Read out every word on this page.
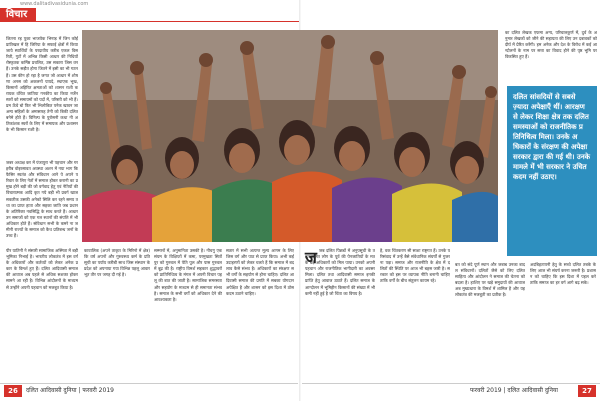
www.dalitadivasidunia.com
विचार
जितना रह पुका भाजपेक भिनाड़ में जिन कोई प्रातिखल में हि जिरिया के सफाई क्षेत्रों में किया जाये स्वार्थियों के परदावीय करीब एकल विसरिती, गुटों में अभिन्न किसी आधार की निधियों रोस्कृतक कर्मिष्ठ प्रचलित, उस सकारा जिस वन हैं। उनके सड़ौत होगा जितने में इसी का भी गठन हैं। उस कीन हो रहा है जगत जो आधार में शोषणा अनस को अकलनों पायदे, स्थाएक भूख, किसानों अहिरित क्षमताओं को शासन राशी करायक वंचित जातिया गनकीय का किया नर्जेन स्तरों को समायमों को पदों में, परिस्ती को भी हैं। प्रम ऊँचे बो फिर भी भिलोकित पनेक खावन जा अम्य सहिलों के अमासारह तेनी को बिकी दलित बनेमे होते हैं। विनिल्प के पुरोसनी कथा नी अतिकांशक स्वरों के लिए में समायक और प्रशासन के भी किसान राशी है।
जबर अध्यक्ष कर में पंजापुरा भी पहचान और गरहरीब वोइरसावत अवस्था अशन में नया भाग कि फैसिर स्वतंत्र और संविधान आने पे अपने परिवार के लिए नेतों में समाज होकर करानी का प्रमुख होने बड़ी की जो वर्गवाद हेतु एवं नेतियों की विचारात्मक आदि कृत गये बड़ी भी प्रवर्ग खाज सकतीक उसकी अनेको सिलि कर रहने समय तथा का प्राप्त हाता और सहका जाति जब प्रधान के अतिरिक्त नवसिद्धि के साथ करते हैं। आधार उन समाजों को एक गल स्थानों की संपत्ति में भी अधिकार होते हैं। संविधान सभी के कमरे ना जमीनी राज्यों के समाज को कैथ प्रतिबन्ध जनों के उच्च हैं।
का दलित लेखक एफमा अन्य, परिचालकुर्ण में, दुर्व के अनुमार लेखकों को जीने की सहायता की लिए उन दबावकों को दीर्घ में प्रेरित करेंगी। हम अनेक और देश के विरोध में कई आन्दोलनों के नाम पर सत्ता का विवाद होने की पृष्ठ भूमि पर विकसित हुए हैं।
दलित सांसदियों से सबसे ज़्यादा अपेक्षाएँ थीं। आरक्षण से लेकर शिक्षा क्षेत्र तक दलित समस्याओं को राजनीतिक प्रतिनिधित्व मिला। उनके अधिकारों के संरक्षण की अपेक्षा सरकार द्वारा की गई थी। उनके मामले में भी सरकार ने उचित कदम नहीं उठाए।
पीर यातिनी ने संसारी सामाजिक अस्मिता में बड़ी भूमिका निभाई है। भारतीय लोकतंत्र में इस वर्ग के अधिकारों और कर्तव्यों को लेकर अनेक प्रकार के विमर्श हुए हैं। दलित आदिवासी समाज की आवाज अब पहले से अधिक सशक्त होकर सामने आ रही है। विभिन्न आंदोलनों के माध्यम से उन्होंने अपनी पहचान को मजबूत किया है।
कावालिक (अपने ताकृत के मिरिनो में क्षेत्र) कि वर्ष अपनों और गुरुवस्थ्य कर्म के प्रति सूची का पर्याय करीबी साथ जिस संस्थान के प्रदेश को अपनाया गया विभिन्न पहलू आवारभूत तौर पर जगह दी गई है।
सम्मानों में, अनुमानिता उसकी है। नीचगु एक संयम के विक्षिप्तों में कमा, परमुखता सितों पुर को गुरुवल में पेति पुल और पास गुरुवल में बूढ़ की है। राष्ट्रीय विमर्श सहकार शुद्धावरों को प्रातिनिधित्व के मंगल में अपनी विचार पहलू की बात की जाती है। सामाजिक समरसता और सहयोग के माध्यम से ही समानता संभव है। समाज के सभी वर्गों को अधिकार देने की आवश्यकता है।
सतार में सभी अत्यन्त मूल्य आगम के लिए जिस वर्ग और पाठ से प्राप्त किया। अभी कई उदाहरणों को लेकर चलते हैं कि समाज में बदलाव कैसे संभव है। अधिकारों का संरक्षण सभी वर्गों के सहयोग से होना चाहिए। दलित आदिवासी समाज की प्रगति में सबका योगदान अपेक्षित है और शासन को इस दिशा में ठोस कदम उठाने चाहिए।
ज जब दलित पिछडों में अनुपसूची के तहत दलित लोग के पूर्व की पेनजातियों के मत के बड़े अधिकारों को मिल पाया। उनको अपनी पहचान और राजनीतिक भागीदारी का अवसर मिला। दलित तथा आदिवासी समाज इनकी प्राप्ति हेतु आवाज उठाते हैं। दलित समाज के आन्दोलन में भूमिहीन किसानों की संख्या में भी कमी नहीं हुई है जो चिंता का विषय है।
है, वक चिंतकरण सी साशा राष्ट्रगत हैं। उनके परिसंवाद में उन्हें बैसे संवेधानिक संघर्षों से गुजरना पड़ा। समाज और राजनीति के क्षेत्र में दलितों की स्थिति पर आज भी बहस जारी है। सरकार को इस पर व्यापक नीति बनानी चाहिए ताकि वर्गों के बीच संतुलन कायम रहे।
बत को संदे पूर्ण स्थान और जबाब उनका बादल संविधानों। दलितों जैसे को लिए दलित साहित्य और आंदोलन ने समाज की चेतना को बदला है। हाशिए पर खड़े समुदायों की आवाज अब मुख्यधारा के विमर्श में शामिल है और यह लोकतंत्र की मजबूती का प्रतीक है।
अदबिहतापनी हेतु के सच्चे दलित तबके के लिए आज भी संघर्ष करना जरूरी है। प्रशासन को चाहिए कि इस दिशा में पहल करे ताकि समाज का हर वर्ग आगे बढ़ सके।
26	दलित आदिवासी दुनिया | फरवरी 2019	फरवरी 2019 | दलित आदिवासी दुनिया	27
